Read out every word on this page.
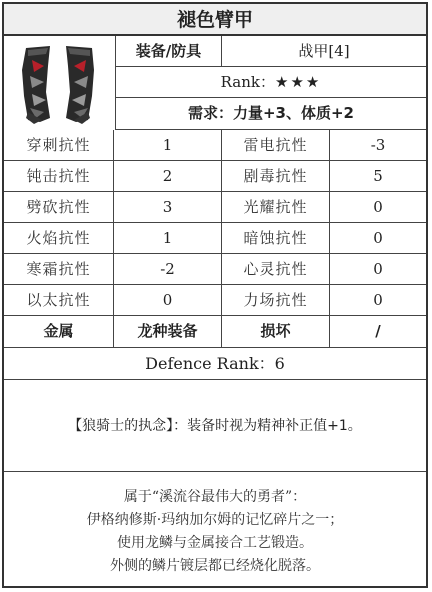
褪色臂甲
装备/防具	战甲[4]
Rank：★★★
需求：力量+3、体质+2
穿刺抗性	1	雷电抗性	-3
钝击抗性	2	剧毒抗性	5
劈砍抗性	3	光耀抗性	0
火焰抗性	1	暗蚀抗性	0
寒霜抗性	-2	心灵抗性	0
以太抗性	0	力场抗性	0
金属	龙种装备	损坏	/
Defence Rank：6
【狼骑士的执念】：装备时视为精神补正值+1。
属于“溪流谷最伟大的勇者”：
伊格纳修斯·玛纳加尔姆的记忆碎片之一；
使用龙鳞与金属接合工艺锻造。
外侧的鳞片镀层都已经烧化脱落。
